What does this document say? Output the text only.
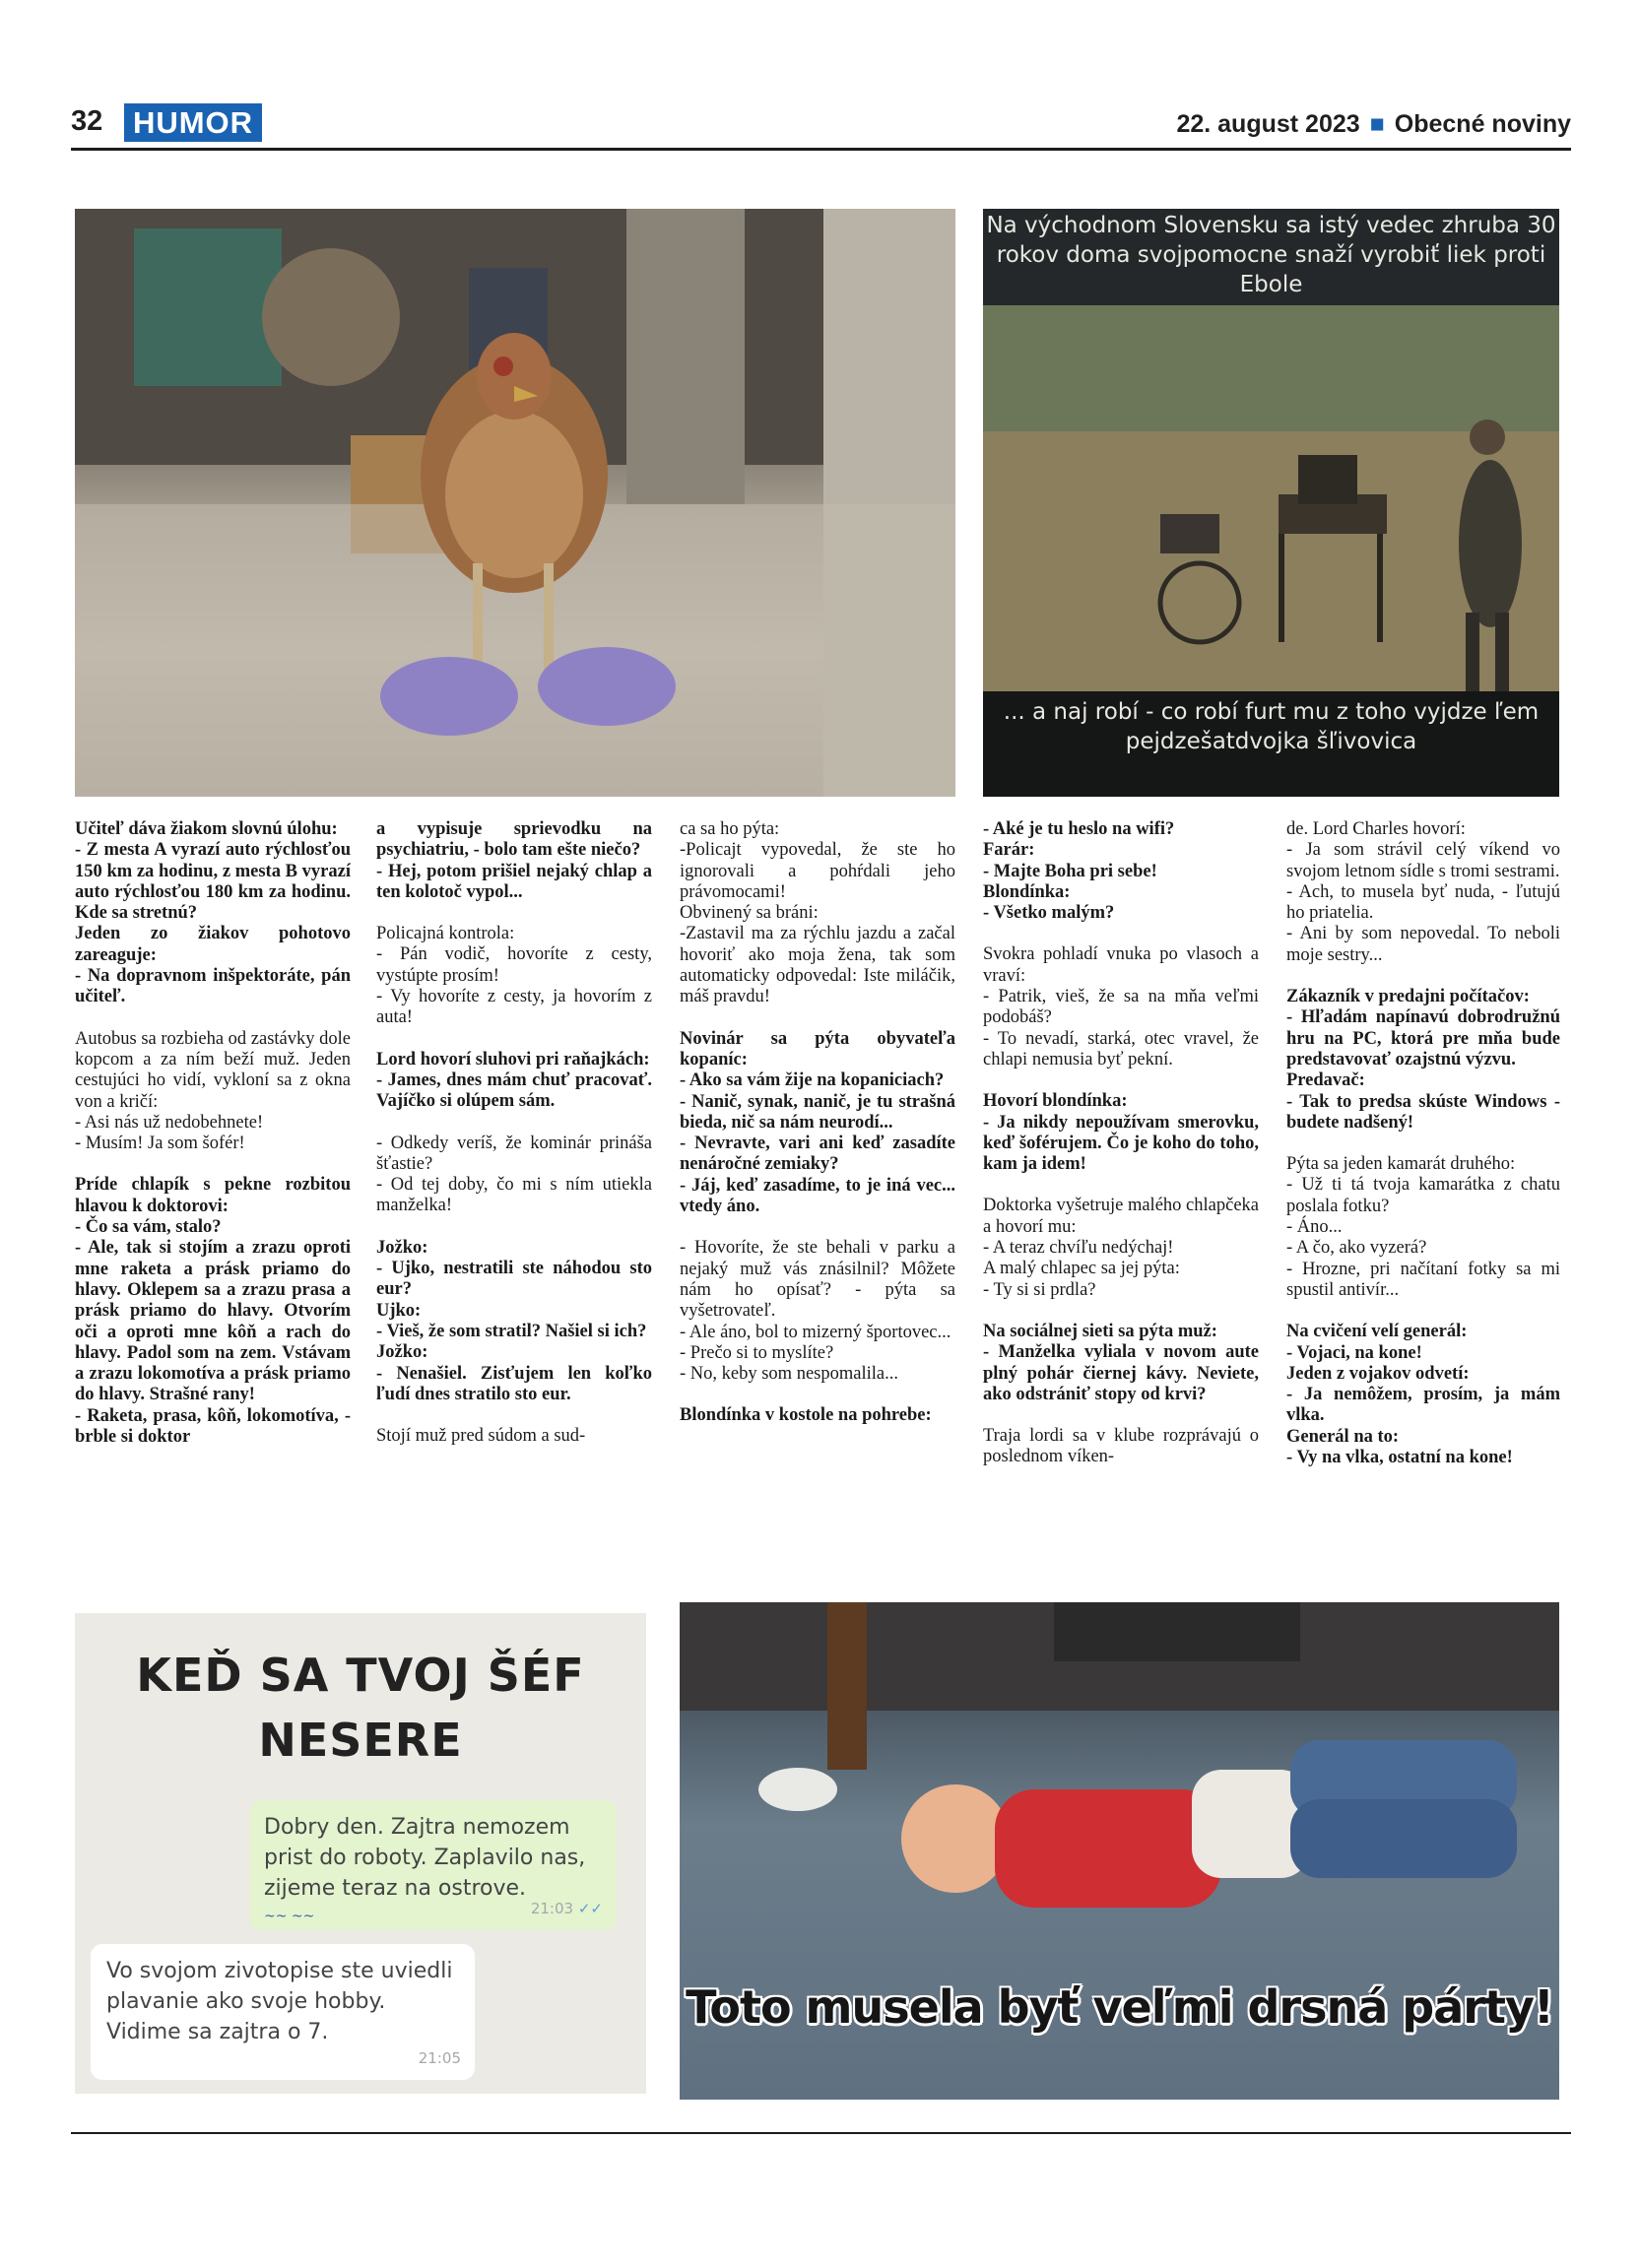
32 HUMOR	22. august 2023 ■ Obecné noviny
Na východnom Slovensku sa istý vedec zhruba 30 rokov doma svojpomocne snaží vyrobiť liek proti Ebole
... a naj robí - co robí furt mu z toho vyjdze ľem pejdzešatdvojka šľivovica

Učiteľ dáva žiakom slovnú úlohu:
- Z mesta A vyrazí auto rýchlosťou 150 km za hodinu, z mesta B vyrazí auto rýchlosťou 180 km za hodinu. Kde sa stretnú?
Jeden zo žiakov pohotovo zareaguje:
- Na dopravnom inšpektoráte, pán učiteľ.

Autobus sa rozbieha od zastávky dole kopcom a za ním beží muž. Jeden cestujúci ho vidí, vykloní sa z okna von a kričí:
- Asi nás už nedobehnete!
- Musím! Ja som šofér!

Príde chlapík s pekne rozbitou hlavou k doktorovi:
- Čo sa vám, stalo?
- Ale, tak si stojím a zrazu oproti mne raketa a prásk priamo do hlavy. Oklepem sa a zrazu prasa a prásk priamo do hlavy. Otvorím oči a oproti mne kôň a rach do hlavy. Padol som na zem. Vstávam a zrazu lokomotíva a prásk priamo do hlavy. Strašné rany!
- Raketa, prasa, kôň, lokomotíva, - brble si doktor

a vypisuje sprievodku na psychiatriu, - bolo tam ešte niečo?
- Hej, potom prišiel nejaký chlap a ten kolotoč vypol...

Policajná kontrola:
- Pán vodič, hovoríte z cesty, vystúpte prosím!
- Vy hovoríte z cesty, ja hovorím z auta!

Lord hovorí sluhovi pri raňajkách:
- James, dnes mám chuť pracovať. Vajíčko si olúpem sám.

- Odkedy veríš, že kominár prináša šťastie?
- Od tej doby, čo mi s ním utiekla manželka!

Jožko:
- Ujko, nestratili ste náhodou sto eur?
Ujko:
- Vieš, že som stratil? Našiel si ich?
Jožko:
- Nenašiel. Zisťujem len koľko ľudí dnes stratilo sto eur.

Stojí muž pred súdom a sud-

ca sa ho pýta:
-Policajt vypovedal, že ste ho ignorovali a pohŕdali jeho právomocami!
Obvinený sa bráni:
-Zastavil ma za rýchlu jazdu a začal hovoriť ako moja žena, tak som automaticky odpovedal: Iste miláčik, máš pravdu!

Novinár sa pýta obyvateľa kopaníc:
- Ako sa vám žije na kopaniciach?
- Nanič, synak, nanič, je tu strašná bieda, nič sa nám neurodí...
- Nevravte, vari ani keď zasadíte nenáročné zemiaky?
- Jáj, keď zasadíme, to je iná vec... vtedy áno.

- Hovoríte, že ste behali v parku a nejaký muž vás znásilnil? Môžete nám ho opísať? - pýta sa vyšetrovateľ.
- Ale áno, bol to mizerný športovec...
- Prečo si to myslíte?
- No, keby som nespomalila...

Blondínka v kostole na pohrebe:

- Aké je tu heslo na wifi?
Farár:
- Majte Boha pri sebe!
Blondínka:
- Všetko malým?

Svokra pohladí vnuka po vlasoch a vraví:
- Patrik, vieš, že sa na mňa veľmi podobáš?
- To nevadí, starká, otec vravel, že chlapi nemusia byť pekní.

Hovorí blondínka:
- Ja nikdy nepoužívam smerovku, keď šoférujem. Čo je koho do toho, kam ja idem!

Doktorka vyšetruje malého chlapčeka a hovorí mu:
- A teraz chvíľu nedýchaj!
A malý chlapec sa jej pýta:
- Ty si si prdla?

Na sociálnej sieti sa pýta muž:
- Manželka vyliala v novom aute plný pohár čiernej kávy. Neviete, ako odstrániť stopy od krvi?

Traja lordi sa v klube rozprávajú o poslednom víken-

de. Lord Charles hovorí:
- Ja som strávil celý víkend vo svojom letnom sídle s tromi sestrami.
- Ach, to musela byť nuda, - ľutujú ho priatelia.
- Ani by som nepovedal. To neboli moje sestry...

Zákazník v predajni počítačov:
- Hľadám napínavú dobrodružnú hru na PC, ktorá pre mňa bude predstavovať ozajstnú výzvu.
Predavač:
- Tak to predsa skúste Windows - budete nadšený!

Pýta sa jeden kamarát druhého:
- Už ti tá tvoja kamarátka z chatu poslala fotku?
- Áno...
- A čo, ako vyzerá?
- Hrozne, pri načítaní fotky sa mi spustil antivír...

Na cvičení velí generál:
- Vojaci, na kone!
Jeden z vojakov odvetí:
- Ja nemôžem, prosím, ja mám vlka.
Generál na to:
- Vy na vlka, ostatní na kone!

KEĎ SA TVOJ ŠÉF NESERE
Dobry den. Zajtra nemozem prist do roboty. Zaplavilo nas, zijeme teraz na ostrove.
~~ ~~	21:03 ✓✓
Vo svojom zivotopise ste uviedli plavanie ako svoje hobby. Vidime sa zajtra o 7.
21:05
Toto musela byť veľmi drsná párty!
